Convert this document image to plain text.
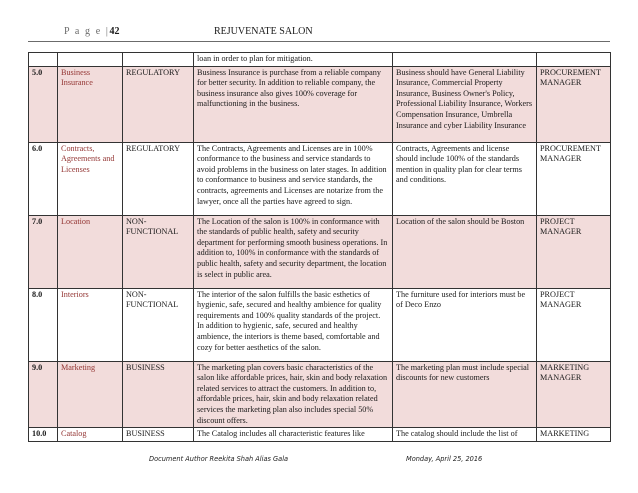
P a g e |42	REJUVENATE SALON
			loan in order to plan for mitigation.		
5.0	Business Insurance	REGULATORY	Business Insurance is purchase from a reliable company for better security. In addition to reliable company, the business insurance also gives 100% coverage for malfunctioning in the business.	Business should have General Liability Insurance, Commercial Property Insurance, Business Owner's Policy, Professional Liability Insurance, Workers Compensation Insurance, Umbrella Insurance and cyber Liability Insurance	PROCUREMENT MANAGER
6.0	Contracts, Agreements and Licenses	REGULATORY	The Contracts, Agreements and Licenses are in 100% conformance to the business and service standards to avoid problems in the business on later stages. In addition to conformance to business and service standards, the contracts, agreements and Licenses are notarize from the lawyer, once all the parties have agreed to sign.	Contracts, Agreements and license should include 100% of the standards mention in quality plan for clear terms and conditions.	PROCUREMENT MANAGER
7.0	Location	NON-FUNCTIONAL	The Location of the salon is 100% in conformance with the standards of public health, safety and security department for performing smooth business operations. In addition to, 100% in conformance with the standards of public health, safety and security department, the location is select in public area.	Location of the salon should be Boston	PROJECT MANAGER
8.0	Interiors	NON-FUNCTIONAL	The interior of the salon fulfills the basic esthetics of hygienic, safe, secured and healthy ambience for quality requirements and 100% quality standards of the project. In addition to hygienic, safe, secured and healthy ambience, the interiors is theme based, comfortable and cozy for better aesthetics of the salon.	The furniture used for interiors must be of Deco Enzo	PROJECT MANAGER
9.0	Marketing	BUSINESS	The marketing plan covers basic characteristics of the salon like affordable prices, hair, skin and body relaxation related services to attract the customers. In addition to, affordable prices, hair, skin and body relaxation related services the marketing plan also includes special 50% discount offers.	The marketing plan must include special discounts for new customers	MARKETING MANAGER
10.0	Catalog	BUSINESS	The Catalog includes all characteristic features like	The catalog should include the list of	MARKETING
Document Author Reekita Shah Alias Gala	Monday, April 25, 2016
